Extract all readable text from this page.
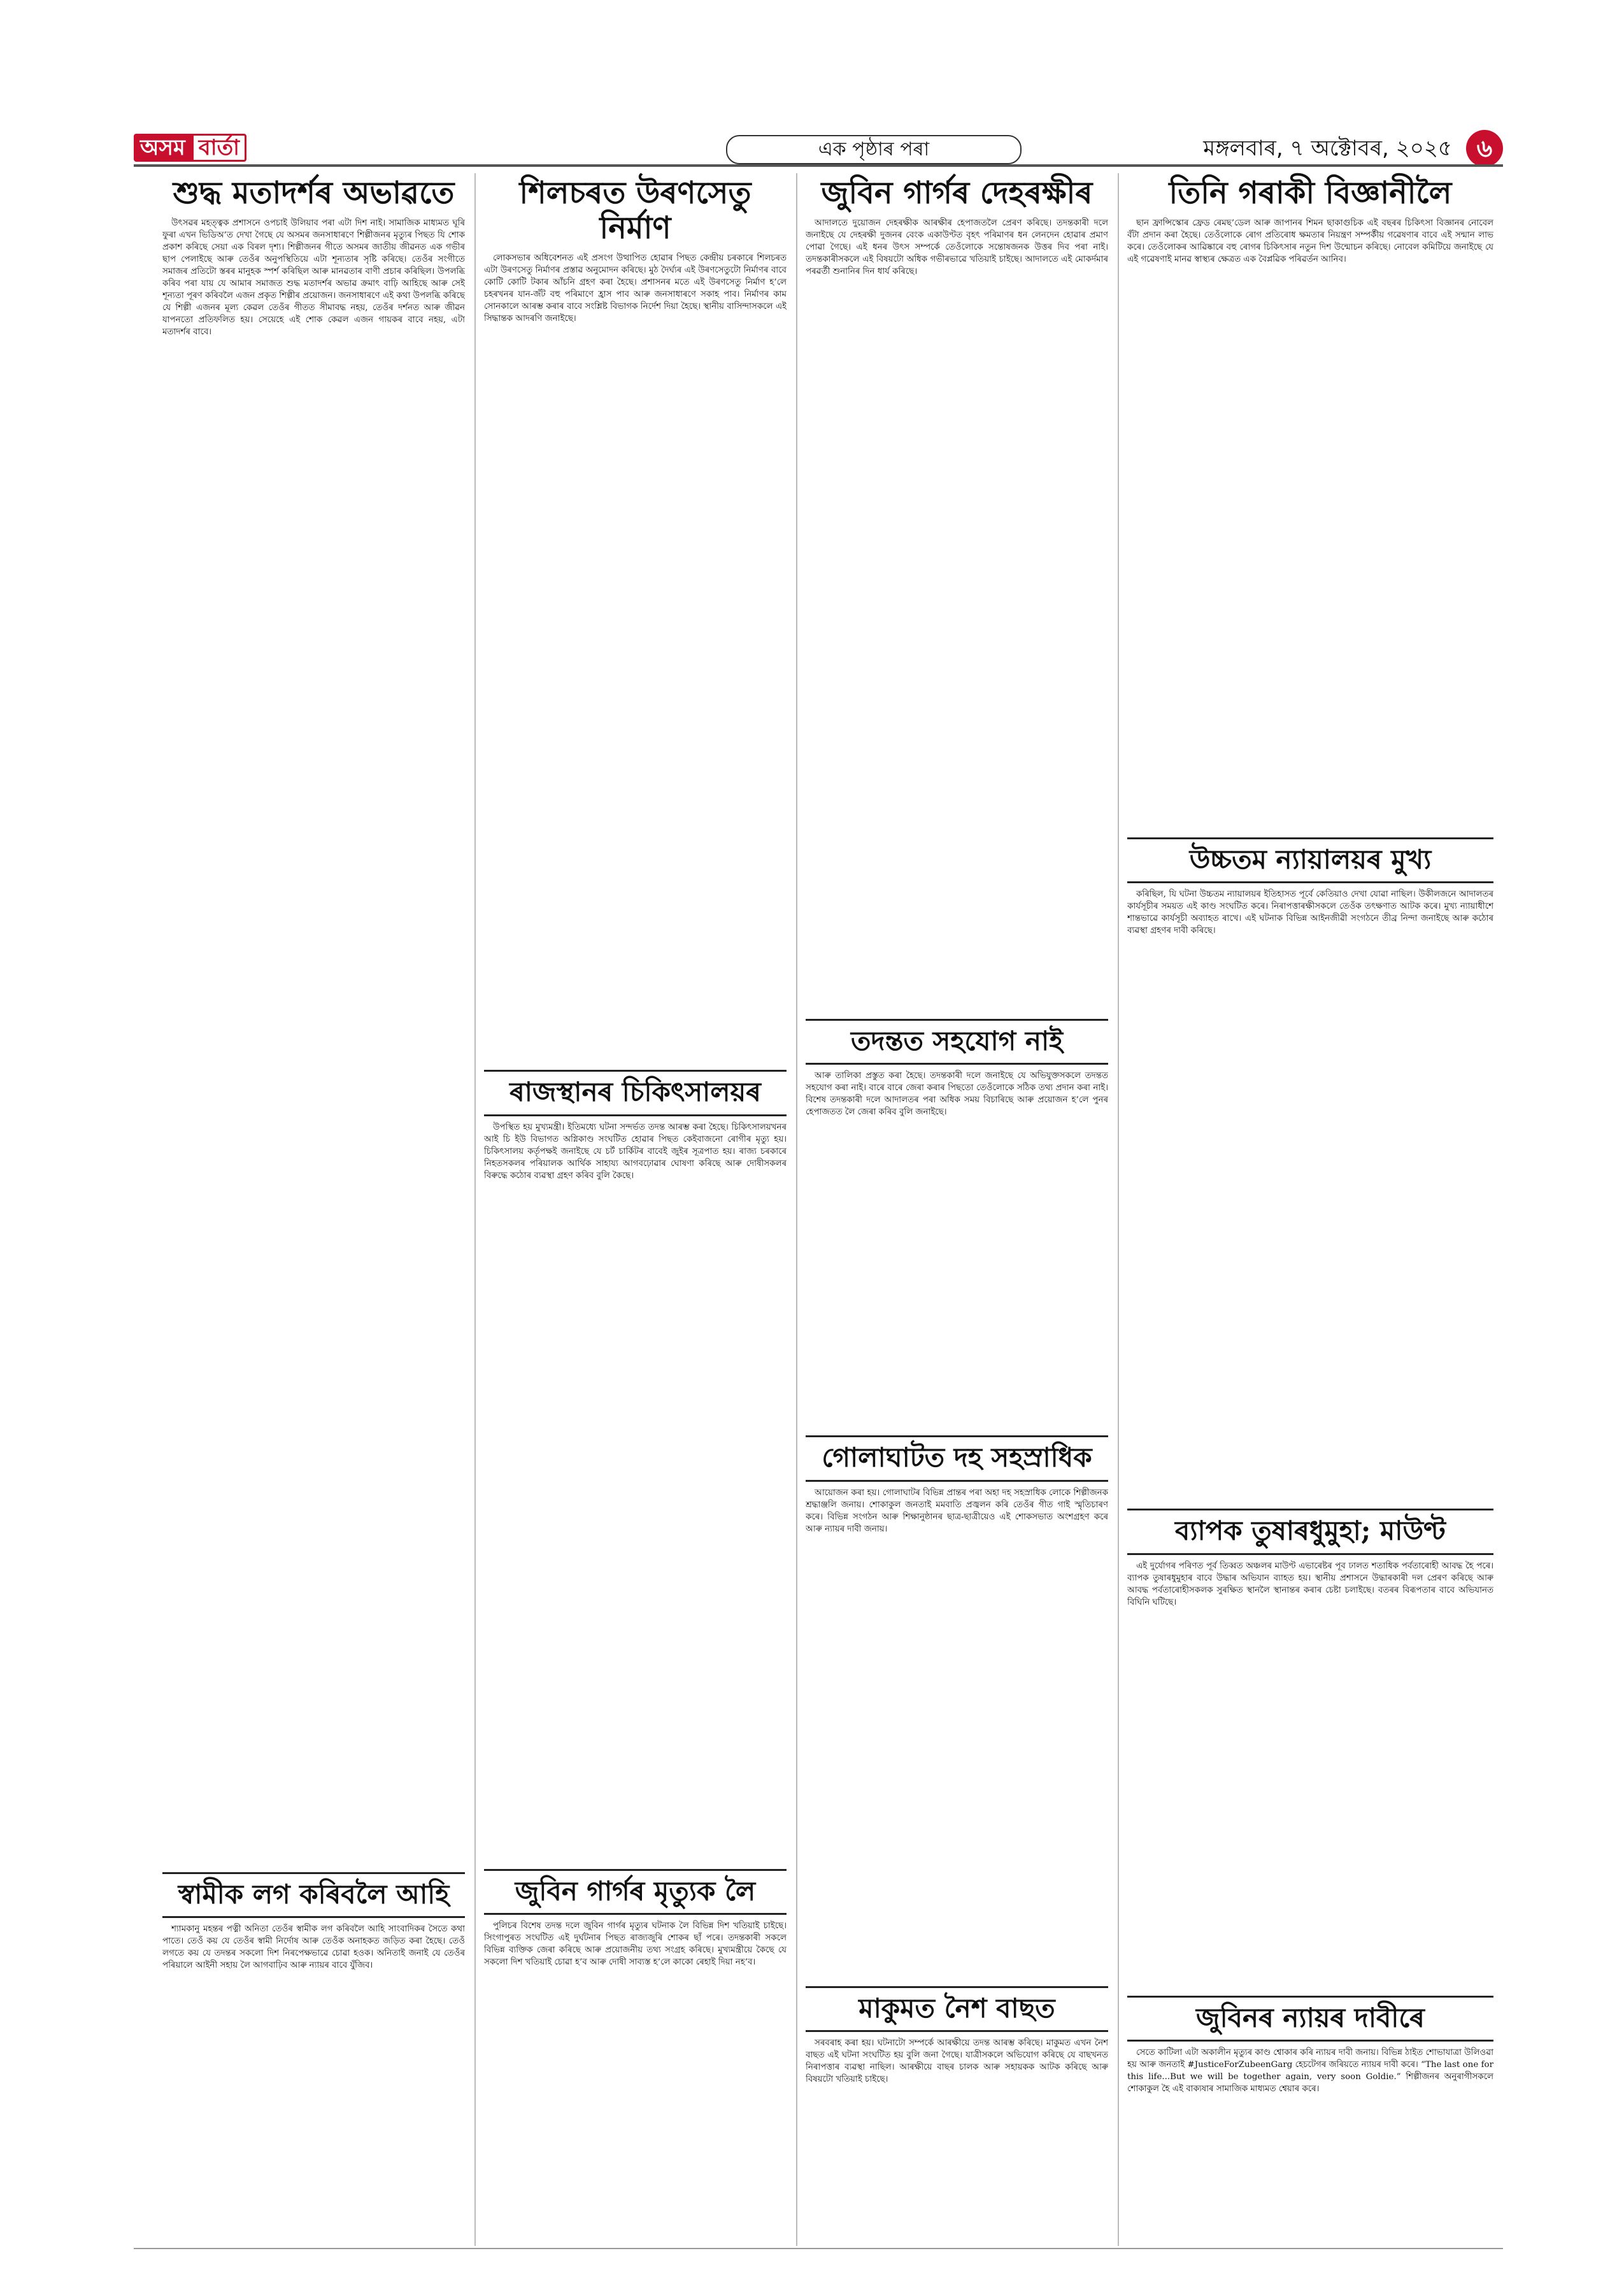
অসম বাৰ্তা	এক পৃষ্ঠাৰ পৰা	মঙ্গলবাৰ, ৭ অক্টোবৰ, ২০২৫	৬
শুদ্ধ মতাদৰ্শৰ অভাৱতে

উৎসৱৰ মহত্ত্বক প্ৰশাসনে ওপচাই উলিয়াব পৰা এটা দিশ নাই। সামাজিক মাধ্যমত ঘূৰি ফুৰা এখন ভিডিঅ’ত দেখা গৈছে যে অসমৰ জনসাধাৰণে শিল্পীজনৰ মৃত্যুৰ পিছত যি শোক প্ৰকাশ কৰিছে সেয়া এক বিৰল দৃশ্য। শিল্পীজনৰ গীতে অসমৰ জাতীয় জীৱনত এক গভীৰ ছাপ পেলাইছে আৰু তেওঁৰ অনুপস্থিতিয়ে এটা শূন্যতাৰ সৃষ্টি কৰিছে। তেওঁৰ সংগীতে সমাজৰ প্ৰতিটো স্তৰৰ মানুহক স্পৰ্শ কৰিছিল আৰু মানৱতাৰ বাণী প্ৰচাৰ কৰিছিল। উপলব্ধি কৰিব পৰা যায় যে আমাৰ সমাজত শুদ্ধ মতাদৰ্শৰ অভাৱ ক্ৰমাৎ বাঢ়ি আহিছে আৰু সেই শূন্যতা পূৰণ কৰিবলৈ এজন প্ৰকৃত শিল্পীৰ প্ৰয়োজন। জনসাধাৰণে এই কথা উপলব্ধি কৰিছে যে শিল্পী এজনৰ মূল্য কেৱল তেওঁৰ গীতত সীমাবদ্ধ নহয়, তেওঁৰ দৰ্শনত আৰু জীৱন যাপনতো প্ৰতিফলিত হয়। সেয়েহে এই শোক কেৱল এজন গায়কৰ বাবে নহয়, এটা মতাদৰ্শৰ বাবে।

স্বামীক লগ কৰিবলৈ আহি

শ্যামকানু মহন্তৰ পত্নী অনিতা তেওঁৰ স্বামীক লগ কৰিবলৈ আহি সাংবাদিকৰ সৈতে কথা পাতে। তেওঁ কয় যে তেওঁৰ স্বামী নিৰ্দোষ আৰু তেওঁক অনাহকত জড়িত কৰা হৈছে। তেওঁ লগতে কয় যে তদন্তৰ সকলো দিশ নিৰপেক্ষভাৱে চোৱা হওক। অনিতাই জনাই যে তেওঁৰ পৰিয়ালে আইনী সহায় লৈ আগবাঢ়িব আৰু ন্যায়ৰ বাবে যুঁজিব।

শিলচৰত উৰণসেতু নিৰ্মাণ

লোকসভাৰ অধিবেশনত এই প্ৰসংগ উত্থাপিত হোৱাৰ পিছত কেন্দ্ৰীয় চৰকাৰে শিলচৰত এটা উৰণসেতু নিৰ্মাণৰ প্ৰস্তাৱ অনুমোদন কৰিছে। মুঠ দৈৰ্ঘ্যৰ এই উৰণসেতুটো নিৰ্মাণৰ বাবে কোটি কোটি টকাৰ আঁচনি গ্ৰহণ কৰা হৈছে। প্ৰশাসনৰ মতে এই উৰণসেতু নিৰ্মাণ হ’লে চহৰখনৰ যান-জঁট বহু পৰিমাণে হ্ৰাস পাব আৰু জনসাধাৰণে সকাহ পাব। নিৰ্মাণৰ কাম সোনকালে আৰম্ভ কৰাৰ বাবে সংশ্লিষ্ট বিভাগক নিৰ্দেশ দিয়া হৈছে। স্থানীয় বাসিন্দাসকলে এই সিদ্ধান্তক আদৰণি জনাইছে।

ৰাজস্থানৰ চিকিৎসালয়ৰ

উপস্থিত হয় মুখ্যমন্ত্ৰী। ইতিমধ্যে ঘটনা সন্দৰ্ভত তদন্ত আৰম্ভ কৰা হৈছে। চিকিৎসালয়খনৰ আই চি ইউ বিভাগত অগ্নিকাণ্ড সংঘটিত হোৱাৰ পিছত কেইবাজনো ৰোগীৰ মৃত্যু হয়। চিকিৎসালয় কৰ্তৃপক্ষই জনাইছে যে চৰ্ট চাৰ্কিটৰ বাবেই জুইৰ সূত্ৰপাত হয়। ৰাজ্য চৰকাৰে নিহতসকলৰ পৰিয়ালক আৰ্থিক সাহায্য আগবঢ়োৱাৰ ঘোষণা কৰিছে আৰু দোষীসকলৰ বিৰুদ্ধে কঠোৰ ব্যৱস্থা গ্ৰহণ কৰিব বুলি কৈছে।

জুবিন গাৰ্গৰ মৃত্যুক লৈ

পুলিচৰ বিশেষ তদন্ত দলে জুবিন গাৰ্গৰ মৃত্যুৰ ঘটনাক লৈ বিভিন্ন দিশ খতিয়াই চাইছে। সিংগাপুৰত সংঘটিত এই দুৰ্ঘটনাৰ পিছত ৰাজ্যজুৰি শোকৰ ছাঁ পৰে। তদন্তকাৰী সকলে বিভিন্ন ব্যক্তিক জেৰা কৰিছে আৰু প্ৰয়োজনীয় তথ্য সংগ্ৰহ কৰিছে। মুখ্যমন্ত্ৰীয়ে কৈছে যে সকলো দিশ খতিয়াই চোৱা হ’ব আৰু দোষী সাব্যস্ত হ’লে কাকো ৰেহাই দিয়া নহ’ব।

জুবিন গাৰ্গৰ দেহৰক্ষীৰ

আদালতে দুয়োজন দেহৰক্ষীক আৰক্ষীৰ হেপাজতলৈ প্ৰেৰণ কৰিছে। তদন্তকাৰী দলে জনাইছে যে দেহৰক্ষী দুজনৰ বেংক একাউণ্টত বৃহৎ পৰিমাণৰ ধন লেনদেন হোৱাৰ প্ৰমাণ পোৱা গৈছে। এই ধনৰ উৎস সম্পৰ্কে তেওঁলোকে সন্তোষজনক উত্তৰ দিব পৰা নাই। তদন্তকাৰীসকলে এই বিষয়টো অধিক গভীৰভাৱে খতিয়াই চাইছে। আদালতে এই মোকৰ্দমাৰ পৰৱৰ্তী শুনানিৰ দিন ধাৰ্য কৰিছে।

তদন্তত সহযোগ নাই

আৰু তালিকা প্ৰস্তুত কৰা হৈছে। তদন্তকাৰী দলে জনাইছে যে অভিযুক্তসকলে তদন্তত সহযোগ কৰা নাই। বাৰে বাৰে জেৰা কৰাৰ পিছতো তেওঁলোকে সঠিক তথ্য প্ৰদান কৰা নাই। বিশেষ তদন্তকাৰী দলে আদালতৰ পৰা অধিক সময় বিচাৰিছে আৰু প্ৰয়োজন হ’লে পুনৰ হেপাজতত লৈ জেৰা কৰিব বুলি জনাইছে।

গোলাঘাটত দহ সহস্ৰাধিক

আয়োজন কৰা হয়। গোলাঘাটৰ বিভিন্ন প্ৰান্তৰ পৰা অহা দহ সহস্ৰাধিক লোকে শিল্পীজনক শ্ৰদ্ধাঞ্জলি জনায়। শোকাকুল জনতাই মমবাতি প্ৰজ্বলন কৰি তেওঁৰ গীত গাই স্মৃতিচাৰণ কৰে। বিভিন্ন সংগঠন আৰু শিক্ষানুষ্ঠানৰ ছাত্ৰ-ছাত্ৰীয়েও এই শোকসভাত অংশগ্ৰহণ কৰে আৰু ন্যায়ৰ দাবী জনায়।

মাকুমত নৈশ বাছত

সৰবৰাহ কৰা হয়। ঘটনাটো সম্পৰ্কে আৰক্ষীয়ে তদন্ত আৰম্ভ কৰিছে। মাকুমত এখন নৈশ বাছত এই ঘটনা সংঘটিত হয় বুলি জনা গৈছে। যাত্ৰীসকলে অভিযোগ কৰিছে যে বাছখনত নিৰাপত্তাৰ ব্যৱস্থা নাছিল। আৰক্ষীয়ে বাছৰ চালক আৰু সহায়কক আটক কৰিছে আৰু বিষয়টো খতিয়াই চাইছে।

তিনি গৰাকী বিজ্ঞানীলৈ

ছান ফ্ৰান্সিস্কোৰ ফ্ৰেড ৰেমছ’ডেল আৰু জাপানৰ শিমন ছাকাগুচিক এই বছৰৰ চিকিৎসা বিজ্ঞানৰ নোবেল বঁটা প্ৰদান কৰা হৈছে। তেওঁলোকে ৰোগ প্ৰতিৰোধ ক্ষমতাৰ নিয়ন্ত্ৰণ সম্পৰ্কীয় গৱেষণাৰ বাবে এই সন্মান লাভ কৰে। তেওঁলোকৰ আৱিষ্কাৰে বহু ৰোগৰ চিকিৎসাৰ নতুন দিশ উন্মোচন কৰিছে। নোবেল কমিটিয়ে জনাইছে যে এই গৱেষণাই মানৱ স্বাস্থ্যৰ ক্ষেত্ৰত এক বৈপ্লৱিক পৰিৱৰ্তন আনিব।

উচ্চতম ন্যায়ালয়ৰ মুখ্য

কৰিছিল, যি ঘটনা উচ্চতম ন্যায়ালয়ৰ ইতিহাসত পূৰ্বে কেতিয়াও দেখা যোৱা নাছিল। উকীলজনে আদালতৰ কাৰ্যসূচীৰ সময়ত এই কাণ্ড সংঘটিত কৰে। নিৰাপত্তাৰক্ষীসকলে তেওঁক তৎক্ষণাত আটক কৰে। মুখ্য ন্যায়াধীশে শান্তভাৱে কাৰ্যসূচী অব্যাহত ৰাখে। এই ঘটনাক বিভিন্ন আইনজীৱী সংগঠনে তীব্ৰ নিন্দা জনাইছে আৰু কঠোৰ ব্যৱস্থা গ্ৰহণৰ দাবী কৰিছে।

ব্যাপক তুষাৰধুমুহা; মাউণ্ট

এই দুৰ্যোগৰ পৰিণত পূৰ্ব তিব্বত অঞ্চলৰ মাউণ্ট এভাৰেষ্টৰ পূব ঢালত শতাধিক পৰ্বতাৰোহী আবদ্ধ হৈ পৰে। ব্যাপক তুষাৰধুমুহাৰ বাবে উদ্ধাৰ অভিযান ব্যাহত হয়। স্থানীয় প্ৰশাসনে উদ্ধাৰকাৰী দল প্ৰেৰণ কৰিছে আৰু আবদ্ধ পৰ্বতাৰোহীসকলক সুৰক্ষিত স্থানলৈ স্থানান্তৰ কৰাৰ চেষ্টা চলাইছে। বতৰৰ বিৰূপতাৰ বাবে অভিযানত বিঘিনি ঘটিছে।

জুবিনৰ ন্যায়ৰ দাবীৰে

সেতে কাটিলা এটা অকালীন মৃত্যুৰ কাণ্ড শ্বোকাৰ কৰি ন্যায়ৰ দাবী জনায়। বিভিন্ন ঠাইত শোভাযাত্ৰা উলিওৱা হয় আৰু জনতাই #JusticeForZubeenGarg হেচটেগৰ জৰিয়তে ন্যায়ৰ দাবী কৰে। “The last one for this life...But we will be together again, very soon Goldie.” শিল্পীজনৰ অনুৰাগীসকলে শোকাকুল হৈ এই বাক্যষাৰ সামাজিক মাধ্যমত শ্বেয়াৰ কৰে।
